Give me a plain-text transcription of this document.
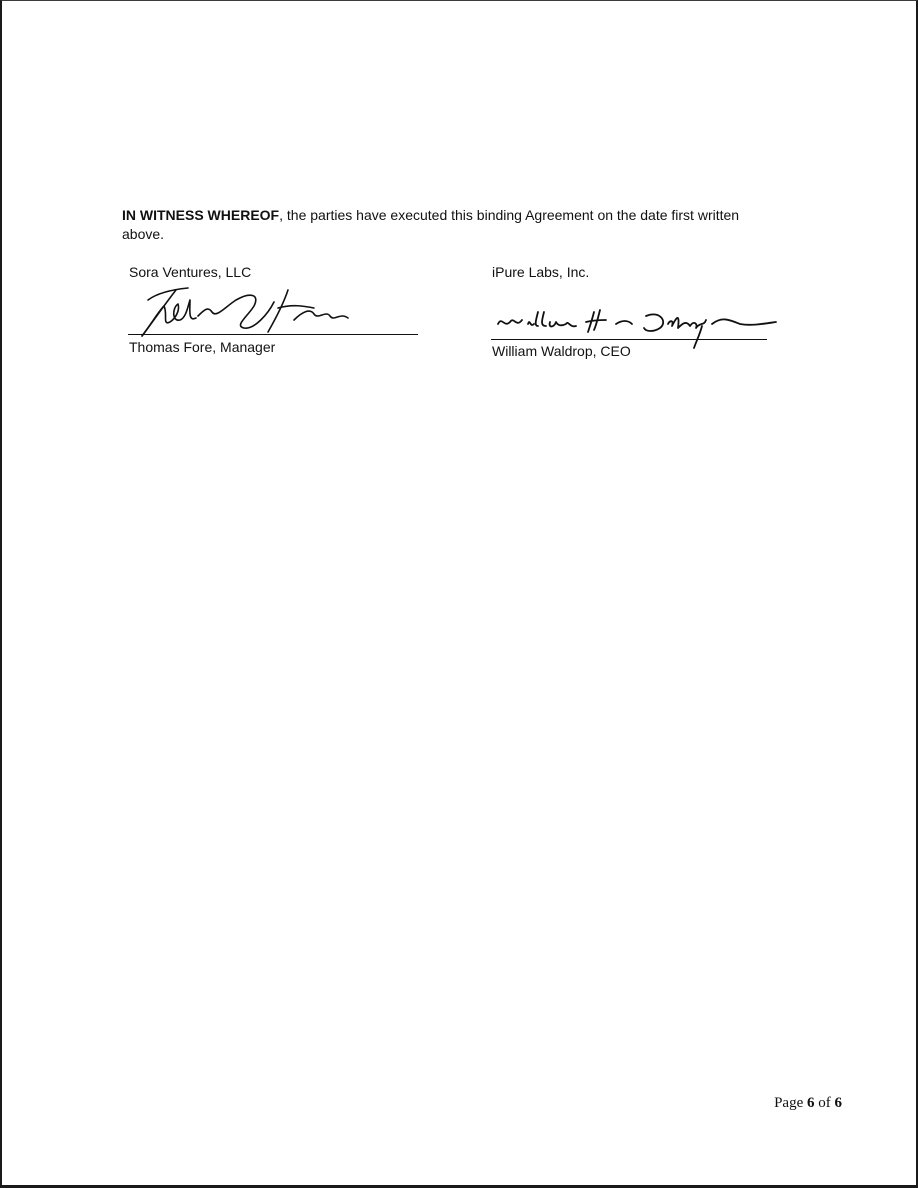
IN WITNESS WHEREOF, the parties have executed this binding Agreement on the date first written above.

Sora Ventures, LLC
Thomas Fore, Manager
iPure Labs, Inc.
William Waldrop, CEO
Page 6 of 6
